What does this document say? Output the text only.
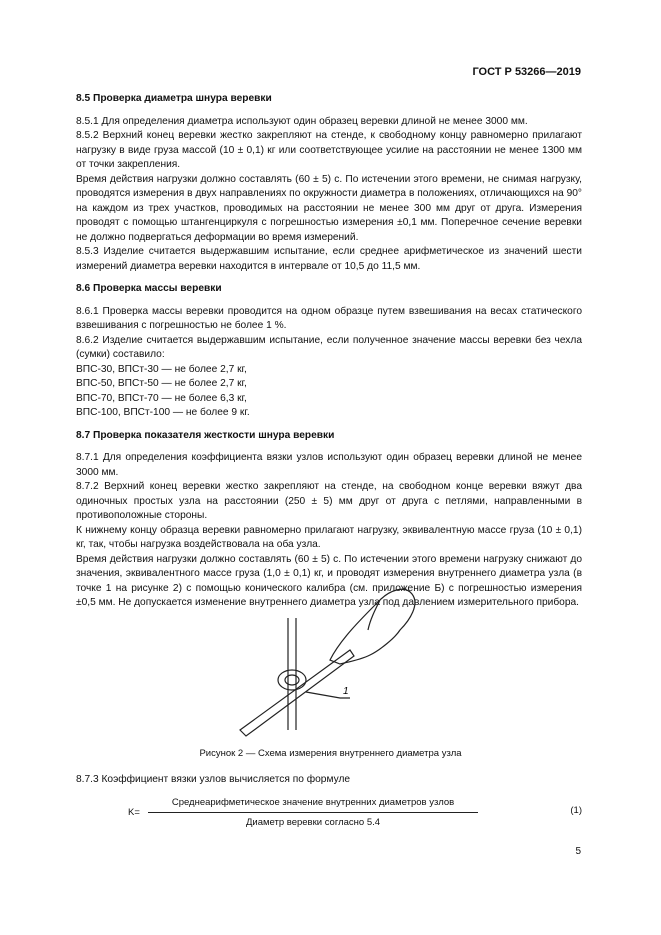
ГОСТ Р 53266—2019
8.5 Проверка диаметра шнура веревки

8.5.1 Для определения диаметра используют один образец веревки длиной не менее 3000 мм.

8.5.2 Верхний конец веревки жестко закрепляют на стенде, к свободному концу равномерно прилагают нагрузку в виде груза массой (10 ± 0,1) кг или соответствующее усилие на расстоянии не менее 1300 мм от точки закрепления.

Время действия нагрузки должно составлять (60 ± 5) с. По истечении этого времени, не снимая нагрузку, проводятся измерения в двух направлениях по окружности диаметра в положениях, отличающихся на 90° на каждом из трех участков, проводимых на расстоянии не менее 300 мм друг от друга. Измерения проводят с помощью штангенциркуля с погрешностью измерения ±0,1 мм. Поперечное сечение веревки не должно подвергаться деформации во время измерений.

8.5.3 Изделие считается выдержавшим испытание, если среднее арифметическое из значений шести измерений диаметра веревки находится в интервале от 10,5 до 11,5 мм.

8.6 Проверка массы веревки

8.6.1 Проверка массы веревки проводится на одном образце путем взвешивания на весах статического взвешивания с погрешностью не более 1 %.

8.6.2 Изделие считается выдержавшим испытание, если полученное значение массы веревки без чехла (сумки) составило:

ВПС-30, ВПСт-30 — не более 2,7 кг,

ВПС-50, ВПСт-50 — не более 2,7 кг,

ВПС-70, ВПСт-70 — не более 6,3 кг,

ВПС-100, ВПСт-100 — не более 9 кг.

8.7 Проверка показателя жесткости шнура веревки

8.7.1 Для определения коэффициента вязки узлов используют один образец веревки длиной не менее 3000 мм.

8.7.2 Верхний конец веревки жестко закрепляют на стенде, на свободном конце веревки вяжут два одиночных простых узла на расстоянии (250 ± 5) мм друг от друга с петлями, направленными в противоположные стороны.

К нижнему концу образца веревки равномерно прилагают нагрузку, эквивалентную массе груза (10 ± 0,1) кг, так, чтобы нагрузка воздействовала на оба узла.

Время действия нагрузки должно составлять (60 ± 5) с. По истечении этого времени нагрузку снижают до значения, эквивалентного массе груза (1,0 ± 0,1) кг, и проводят измерения внутреннего диаметра узла (в точке 1 на рисунке 2) с помощью конического калибра (см. приложение Б) с погрешностью измерения ±0,5 мм. Не допускается изменение внутреннего диаметра узла под давлением измерительного прибора.

1
Рисунок 2 — Схема измерения внутреннего диаметра узла
8.7.3 Коэффициент вязки узлов вычисляется по формуле
K=
Среднеарифметическое значение внутренних диаметров узлов
Диаметр веревки согласно 5.4
(1)
5
